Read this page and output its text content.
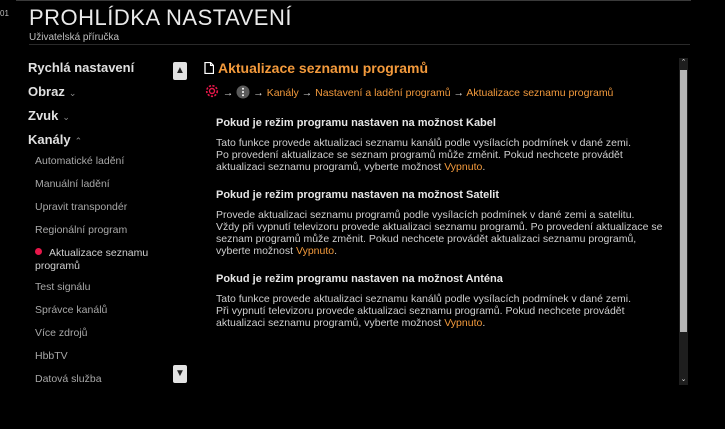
01 PROHLÍDKA NASTAVENÍ
Uživatelská příručka
Rychlá nastavení
Obraz ⌄
Zvuk ⌄
Kanály ⌃
Automatické ladění
Manuální ladění
Upravit transpondér
Regionální program
Aktualizace seznamu programů
Test signálu
Správce kanálů
Více zdrojů
HbbTV
Datová služba
▲
▼
Aktualizace seznamu programů
→ → Kanály → Nastavení a ladění programů → Aktualizace seznamu programů
Pokud je režim programu nastaven na možnost Kabel
Tato funkce provede aktualizaci seznamu kanálů podle vysílacích podmínek v dané zemi.
Po provedení aktualizace se seznam programů může změnit. Pokud nechcete provádět aktualizaci seznamu programů, vyberte možnost Vypnuto.
Pokud je režim programu nastaven na možnost Satelit
Provede aktualizaci seznamu programů podle vysílacích podmínek v dané zemi a satelitu.
Vždy při vypnutí televizoru provede aktualizaci seznamu programů. Po provedení aktualizace se seznam programů může změnit. Pokud nechcete provádět aktualizaci seznamu programů, vyberte možnost Vypnuto.
Pokud je režim programu nastaven na možnost Anténa
Tato funkce provede aktualizaci seznamu kanálů podle vysílacích podmínek v dané zemi.
Při vypnutí televizoru provede aktualizaci seznamu programů. Pokud nechcete provádět aktualizaci seznamu programů, vyberte možnost Vypnuto.
⌃
⌄
